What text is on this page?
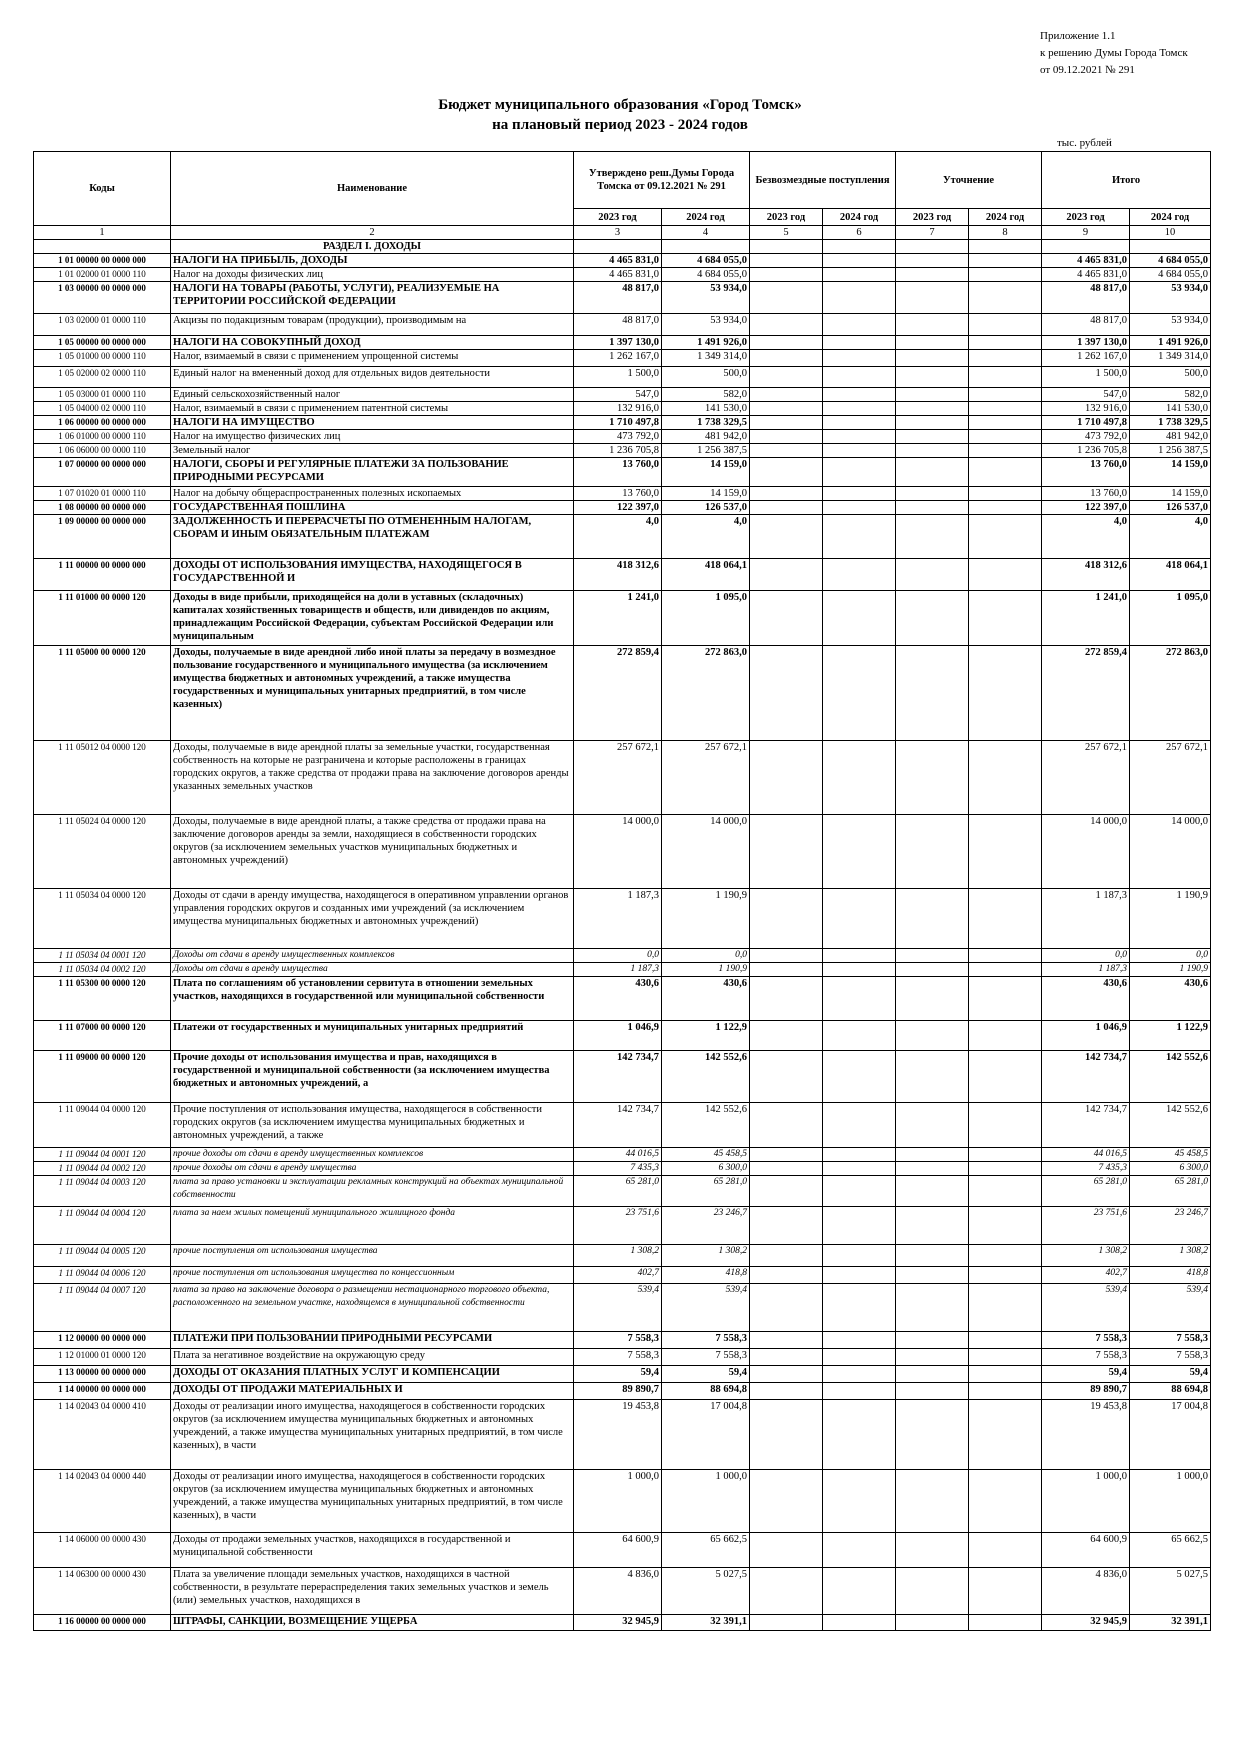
Приложение 1.1
к решению Думы Города Томск
от 09.12.2021 № 291
Бюджет муниципального образования «Город Томск»
на плановый период 2023 - 2024 годов
тыс. рублей
Коды	Наименование	Утверждено реш.Думы Города Томска от 09.12.2021 № 291		Безвозмездные поступления		Уточнение		Итого	
		2023 год	2024 год	2023 год	2024 год	2023 год	2024 год	2023 год	2024 год
1	2	3	4	5	6	7	8	9	10
	РАЗДЕЛ I. ДОХОДЫ								
1 01 00000 00 0000 000	НАЛОГИ НА ПРИБЫЛЬ, ДОХОДЫ	4 465 831,0	4 684 055,0					4 465 831,0	4 684 055,0
1 01 02000 01 0000 110	Налог на доходы физических лиц	4 465 831,0	4 684 055,0					4 465 831,0	4 684 055,0
1 03 00000 00 0000 000	НАЛОГИ НА ТОВАРЫ (РАБОТЫ, УСЛУГИ), РЕАЛИЗУЕМЫЕ НА ТЕРРИТОРИИ РОССИЙСКОЙ ФЕДЕРАЦИИ	48 817,0	53 934,0					48 817,0	53 934,0
1 03 02000 01 0000 110	Акцизы по подакцизным товарам (продукции), производимым на	48 817,0	53 934,0					48 817,0	53 934,0
1 05 00000 00 0000 000	НАЛОГИ НА СОВОКУПНЫЙ ДОХОД	1 397 130,0	1 491 926,0					1 397 130,0	1 491 926,0
1 05 01000 00 0000 110	Налог, взимаемый в связи с применением упрощенной системы	1 262 167,0	1 349 314,0					1 262 167,0	1 349 314,0
1 05 02000 02 0000 110	Единый налог на вмененный доход для отдельных видов деятельности	1 500,0	500,0					1 500,0	500,0
1 05 03000 01 0000 110	Единый сельскохозяйственный налог	547,0	582,0					547,0	582,0
1 05 04000 02 0000 110	Налог, взимаемый в связи с применением патентной системы	132 916,0	141 530,0					132 916,0	141 530,0
1 06 00000 00 0000 000	НАЛОГИ НА ИМУЩЕСТВО	1 710 497,8	1 738 329,5					1 710 497,8	1 738 329,5
1 06 01000 00 0000 110	Налог на имущество физических лиц	473 792,0	481 942,0					473 792,0	481 942,0
1 06 06000 00 0000 110	Земельный налог	1 236 705,8	1 256 387,5					1 236 705,8	1 256 387,5
1 07 00000 00 0000 000	НАЛОГИ, СБОРЫ И РЕГУЛЯРНЫЕ ПЛАТЕЖИ ЗА ПОЛЬЗОВАНИЕ ПРИРОДНЫМИ РЕСУРСАМИ	13 760,0	14 159,0					13 760,0	14 159,0
1 07 01020 01 0000 110	Налог на добычу общераспространенных полезных ископаемых	13 760,0	14 159,0					13 760,0	14 159,0
1 08 00000 00 0000 000	ГОСУДАРСТВЕННАЯ ПОШЛИНА	122 397,0	126 537,0					122 397,0	126 537,0
1 09 00000 00 0000 000	ЗАДОЛЖЕННОСТЬ И ПЕРЕРАСЧЕТЫ ПО ОТМЕНЕННЫМ НАЛОГАМ, СБОРАМ И ИНЫМ ОБЯЗАТЕЛЬНЫМ ПЛАТЕЖАМ	4,0	4,0					4,0	4,0
1 11 00000 00 0000 000	ДОХОДЫ ОТ ИСПОЛЬЗОВАНИЯ ИМУЩЕСТВА, НАХОДЯЩЕГОСЯ В ГОСУДАРСТВЕННОЙ И	418 312,6	418 064,1					418 312,6	418 064,1
1 11 01000 00 0000 120	Доходы в виде прибыли, приходящейся на доли в уставных (складочных) капиталах хозяйственных товариществ и обществ, или дивидендов по акциям, принадлежащим Российской Федерации, субъектам Российской Федерации или муниципальным	1 241,0	1 095,0					1 241,0	1 095,0
1 11 05000 00 0000 120	Доходы, получаемые в виде арендной либо иной платы за передачу в возмездное пользование государственного и муниципального имущества (за исключением имущества бюджетных и автономных учреждений, а также имущества государственных и муниципальных унитарных предприятий, в том числе казенных)	272 859,4	272 863,0					272 859,4	272 863,0
1 11 05012 04 0000 120	Доходы, получаемые в виде арендной платы за земельные участки, государственная собственность на которые не разграничена и которые расположены в границах городских округов, а также средства от продажи права на заключение договоров аренды указанных земельных участков	257 672,1	257 672,1					257 672,1	257 672,1
1 11 05024 04 0000 120	Доходы, получаемые в виде арендной платы, а также средства от продажи права на заключение договоров аренды за земли, находящиеся в собственности городских округов (за исключением земельных участков муниципальных бюджетных и автономных учреждений)	14 000,0	14 000,0					14 000,0	14 000,0
1 11 05034 04 0000 120	Доходы от сдачи в аренду имущества, находящегося в оперативном управлении органов управления городских округов и созданных ими учреждений (за исключением имущества муниципальных бюджетных и автономных учреждений)	1 187,3	1 190,9					1 187,3	1 190,9
1 11 05034 04 0001 120	Доходы от сдачи в аренду имущественных комплексов	0,0	0,0					0,0	0,0
1 11 05034 04 0002 120	Доходы от сдачи в аренду имущества	1 187,3	1 190,9					1 187,3	1 190,9
1 11 05300 00 0000 120	Плата по соглашениям об установлении сервитута в отношении земельных участков, находящихся в государственной или муниципальной собственности	430,6	430,6					430,6	430,6
1 11 07000 00 0000 120	Платежи от государственных и муниципальных унитарных предприятий	1 046,9	1 122,9					1 046,9	1 122,9
1 11 09000 00 0000 120	Прочие доходы от использования имущества и прав, находящихся в государственной и муниципальной собственности (за исключением имущества бюджетных и автономных учреждений, а	142 734,7	142 552,6					142 734,7	142 552,6
1 11 09044 04 0000 120	Прочие поступления от использования имущества, находящегося в собственности городских округов (за исключением имущества муниципальных бюджетных и автономных учреждений, а также	142 734,7	142 552,6					142 734,7	142 552,6
1 11 09044 04 0001 120	прочие доходы от сдачи в аренду имущественных комплексов	44 016,5	45 458,5					44 016,5	45 458,5
1 11 09044 04 0002 120	прочие доходы от сдачи в аренду имущества	7 435,3	6 300,0					7 435,3	6 300,0
1 11 09044 04 0003 120	плата за право установки и эксплуатации рекламных конструкций на объектах муниципальной собственности	65 281,0	65 281,0					65 281,0	65 281,0
1 11 09044 04 0004 120	плата за наем жилых помещений муниципального жилищного фонда	23 751,6	23 246,7					23 751,6	23 246,7
1 11 09044 04 0005 120	прочие поступления от использования имущества	1 308,2	1 308,2					1 308,2	1 308,2
1 11 09044 04 0006 120	прочие поступления от использования имущества по концессионным	402,7	418,8					402,7	418,8
1 11 09044 04 0007 120	плата за право на заключение договора о размещении нестационарного торгового объекта, расположенного на земельном участке, находящемся в муниципальной собственности	539,4	539,4					539,4	539,4
1 12 00000 00 0000 000	ПЛАТЕЖИ ПРИ ПОЛЬЗОВАНИИ ПРИРОДНЫМИ РЕСУРСАМИ	7 558,3	7 558,3					7 558,3	7 558,3
1 12 01000 01 0000 120	Плата за негативное воздействие на окружающую среду	7 558,3	7 558,3					7 558,3	7 558,3
1 13 00000 00 0000 000	ДОХОДЫ ОТ ОКАЗАНИЯ ПЛАТНЫХ УСЛУГ И КОМПЕНСАЦИИ	59,4	59,4					59,4	59,4
1 14 00000 00 0000 000	ДОХОДЫ ОТ ПРОДАЖИ МАТЕРИАЛЬНЫХ И	89 890,7	88 694,8					89 890,7	88 694,8
1 14 02043 04 0000 410	Доходы от реализации иного имущества, находящегося в собственности городских округов (за исключением имущества муниципальных бюджетных и автономных учреждений, а также имущества муниципальных унитарных предприятий, в том числе казенных), в части	19 453,8	17 004,8					19 453,8	17 004,8
1 14 02043 04 0000 440	Доходы от реализации иного имущества, находящегося в собственности городских округов (за исключением имущества муниципальных бюджетных и автономных учреждений, а также имущества муниципальных унитарных предприятий, в том числе казенных), в части	1 000,0	1 000,0					1 000,0	1 000,0
1 14 06000 00 0000 430	Доходы от продажи земельных участков, находящихся в государственной и муниципальной собственности	64 600,9	65 662,5					64 600,9	65 662,5
1 14 06300 00 0000 430	Плата за увеличение площади земельных участков, находящихся в частной собственности, в результате перераспределения таких земельных участков и земель (или) земельных участков, находящихся в	4 836,0	5 027,5					4 836,0	5 027,5
1 16 00000 00 0000 000	ШТРАФЫ, САНКЦИИ, ВОЗМЕЩЕНИЕ УЩЕРБА	32 945,9	32 391,1					32 945,9	32 391,1
